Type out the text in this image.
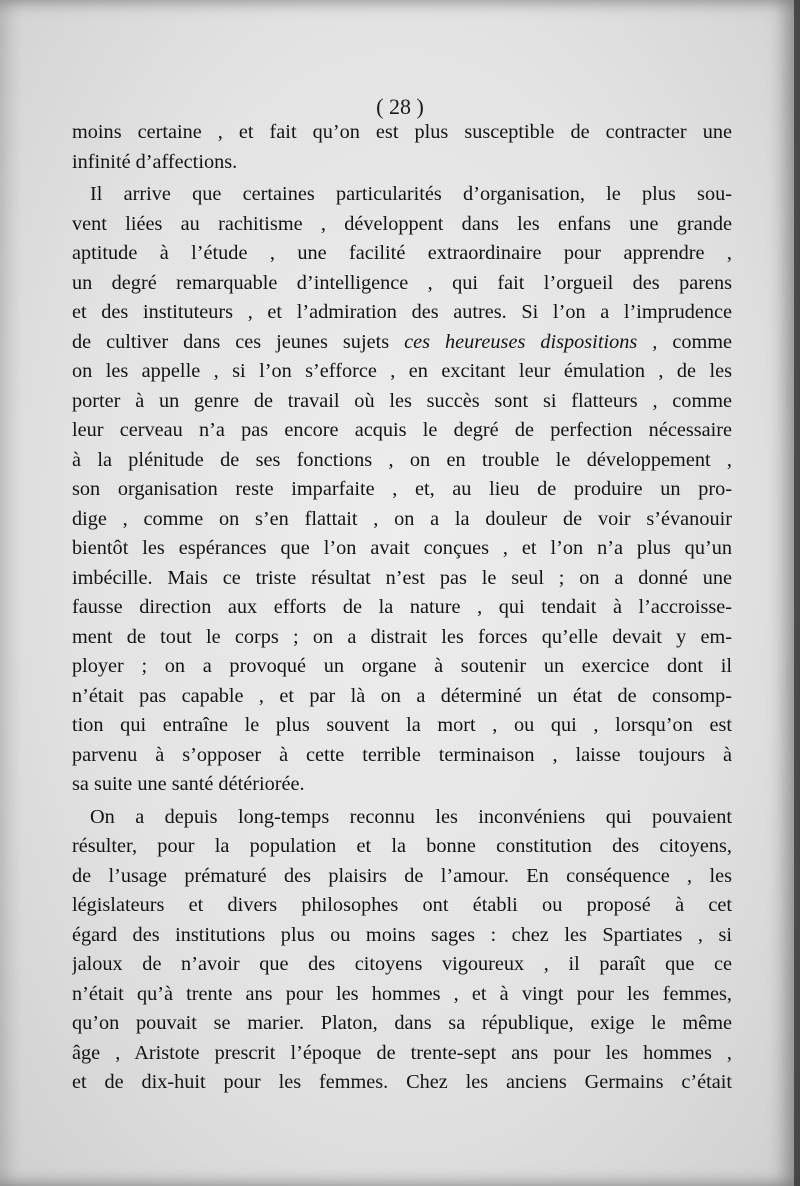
( 28 )
moins certaine , et fait qu’on est plus susceptible de contracter une
infinité d’affections.
Il arrive que certaines particularités d’organisation, le plus sou-
vent liées au rachitisme , développent dans les enfans une grande
aptitude à l’étude , une facilité extraordinaire pour apprendre ,
un degré remarquable d’intelligence , qui fait l’orgueil des parens
et des instituteurs , et l’admiration des autres. Si l’on a l’imprudence
de cultiver dans ces jeunes sujets ces heureuses dispositions , comme
on les appelle , si l’on s’efforce , en excitant leur émulation , de les
porter à un genre de travail où les succès sont si flatteurs , comme
leur cerveau n’a pas encore acquis le degré de perfection nécessaire
à la plénitude de ses fonctions , on en trouble le développement ,
son organisation reste imparfaite , et, au lieu de produire un pro-
dige , comme on s’en flattait , on a la douleur de voir s’évanouir
bientôt les espérances que l’on avait conçues , et l’on n’a plus qu’un
imbécille. Mais ce triste résultat n’est pas le seul ; on a donné une
fausse direction aux efforts de la nature , qui tendait à l’accroisse-
ment de tout le corps ; on a distrait les forces qu’elle devait y em-
ployer ; on a provoqué un organe à soutenir un exercice dont il
n’était pas capable , et par là on a déterminé un état de consomp-
tion qui entraîne le plus souvent la mort , ou qui , lorsqu’on est
parvenu à s’opposer à cette terrible terminaison , laisse toujours à
sa suite une santé détériorée.
On a depuis long-temps reconnu les inconvéniens qui pouvaient
résulter, pour la population et la bonne constitution des citoyens,
de l’usage prématuré des plaisirs de l’amour. En conséquence , les
législateurs et divers philosophes ont établi ou proposé à cet
égard des institutions plus ou moins sages : chez les Spartiates , si
jaloux de n’avoir que des citoyens vigoureux , il paraît que ce
n’était qu’à trente ans pour les hommes , et à vingt pour les femmes,
qu’on pouvait se marier. Platon, dans sa république, exige le même
âge , Aristote prescrit l’époque de trente-sept ans pour les hommes ,
et de dix-huit pour les femmes. Chez les anciens Germains c’était
